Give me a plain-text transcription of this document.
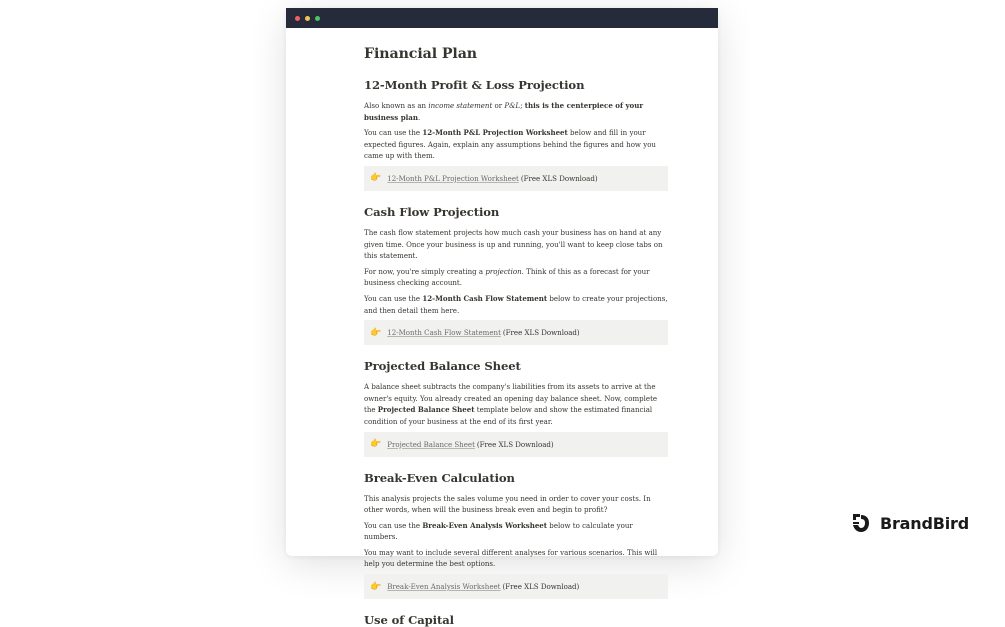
Financial Plan
12-Month Profit & Loss Projection

Also known as an income statement or P&L; this is the centerpiece of your business plan.

You can use the 12-Month P&L Projection Worksheet below and fill in your expected figures. Again, explain any assumptions behind the figures and how you came up with them.

👉 12-Month P&L Projection Worksheet (Free XLS Download)
Cash Flow Projection

The cash flow statement projects how much cash your business has on hand at any given time. Once your business is up and running, you'll want to keep close tabs on this statement.

For now, you're simply creating a projection. Think of this as a forecast for your business checking account.

You can use the 12-Month Cash Flow Statement below to create your projections, and then detail them here.

👉 12-Month Cash Flow Statement (Free XLS Download)
Projected Balance Sheet

A balance sheet subtracts the company's liabilities from its assets to arrive at the owner's equity. You already created an opening day balance sheet. Now, complete the Projected Balance Sheet template below and show the estimated financial condition of your business at the end of its first year.

👉 Projected Balance Sheet (Free XLS Download)
Break-Even Calculation

This analysis projects the sales volume you need in order to cover your costs. In other words, when will the business break even and begin to profit?

You can use the Break-Even Analysis Worksheet below to calculate your numbers.

You may want to include several different analyses for various scenarios. This will help you determine the best options.

👉 Break-Even Analysis Worksheet (Free XLS Download)
Use of Capital
BrandBird
